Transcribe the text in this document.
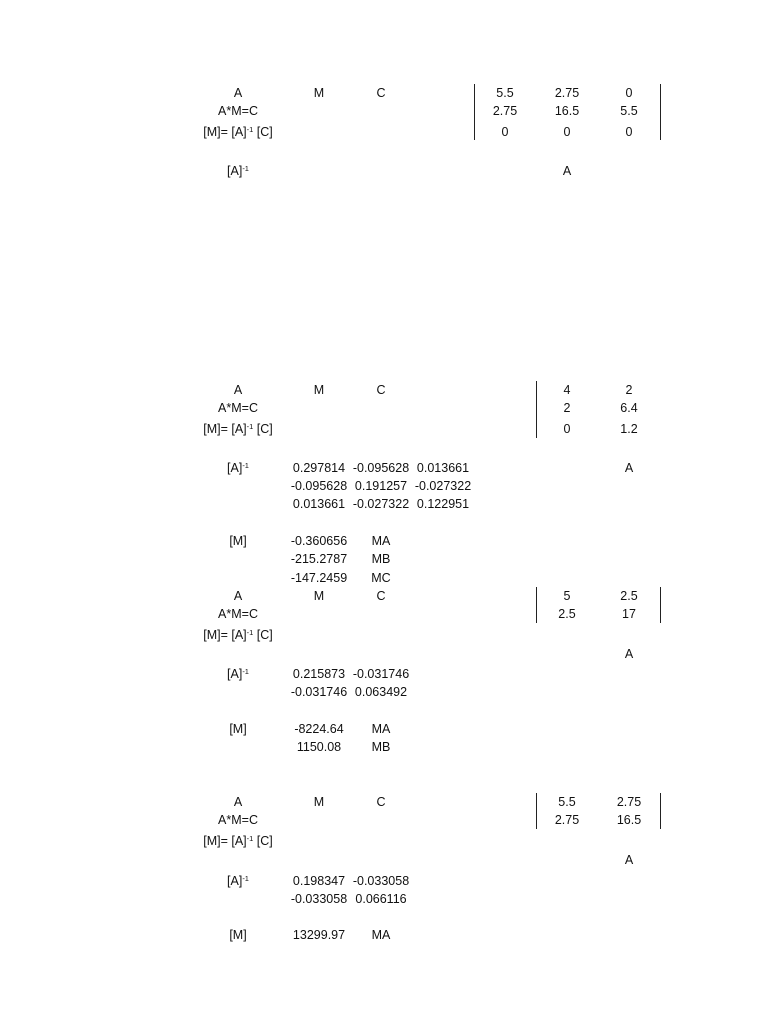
A	M	C
A*M=C
$[M]= [A]^{-1}$ [C]
5.5	2.75	0
2.75	16.5	5.5
0	0	0
$[A]^{-1}$	A
A	M	C
A*M=C
$[M]= [A]^{-1}$ [C]
4	2
2	6.4
0	1.2
$[A]^{-1}$	0.297814 -0.095628 0.013661	A
-0.095628 0.191257 -0.027322
0.013661 -0.027322 0.122951
[M]	-0.360656 MA
-215.2787 MB
-147.2459 MC
A	M	C
A*M=C
$[M]= [A]^{-1}$ [C]
5	2.5
2.5	17
A
$[A]^{-1}$	0.215873 -0.031746
-0.031746 0.063492
[M]	-8224.64 MA
1150.08 MB
A	M	C
A*M=C
$[M]= [A]^{-1}$ [C]
5.5	2.75
2.75	16.5
A
$[A]^{-1}$	0.198347 -0.033058
-0.033058 0.066116
[M]	13299.97 MA
